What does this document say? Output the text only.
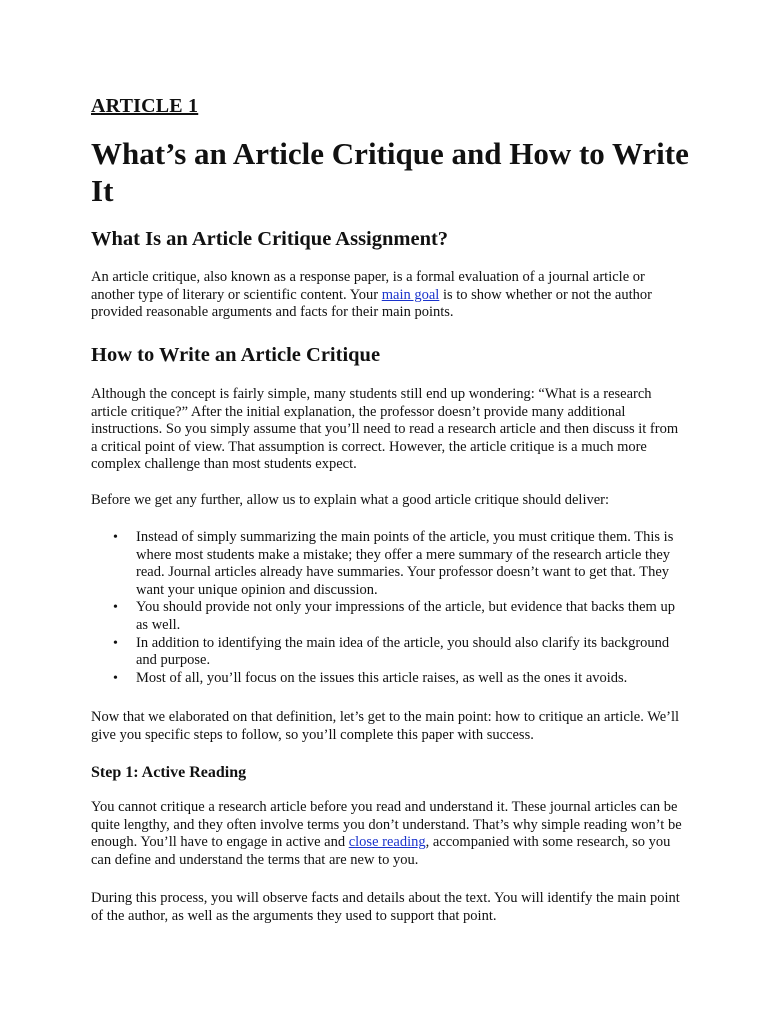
ARTICLE 1
What’s an Article Critique and How to Write It
What Is an Article Critique Assignment?

An article critique, also known as a response paper, is a formal evaluation of a journal article or another type of literary or scientific content. Your main goal is to show whether or not the author provided reasonable arguments and facts for their main points.

How to Write an Article Critique

Although the concept is fairly simple, many students still end up wondering: “What is a research article critique?” After the initial explanation, the professor doesn’t provide many additional instructions. So you simply assume that you’ll need to read a research article and then discuss it from a critical point of view. That assumption is correct. However, the article critique is a much more complex challenge than most students expect.

Before we get any further, allow us to explain what a good article critique should deliver:

• Instead of simply summarizing the main points of the article, you must critique them. This is where most students make a mistake; they offer a mere summary of the research article they read. Journal articles already have summaries. Your professor doesn’t want to get that. They want your unique opinion and discussion.
• You should provide not only your impressions of the article, but evidence that backs them up as well.
• In addition to identifying the main idea of the article, you should also clarify its background and purpose.
• Most of all, you’ll focus on the issues this article raises, as well as the ones it avoids.

Now that we elaborated on that definition, let’s get to the main point: how to critique an article. We’ll give you specific steps to follow, so you’ll complete this paper with success.

Step 1: Active Reading

You cannot critique a research article before you read and understand it. These journal articles can be quite lengthy, and they often involve terms you don’t understand. That’s why simple reading won’t be enough. You’ll have to engage in active and close reading, accompanied with some research, so you can define and understand the terms that are new to you.

During this process, you will observe facts and details about the text. You will identify the main point of the author, as well as the arguments they used to support that point.
